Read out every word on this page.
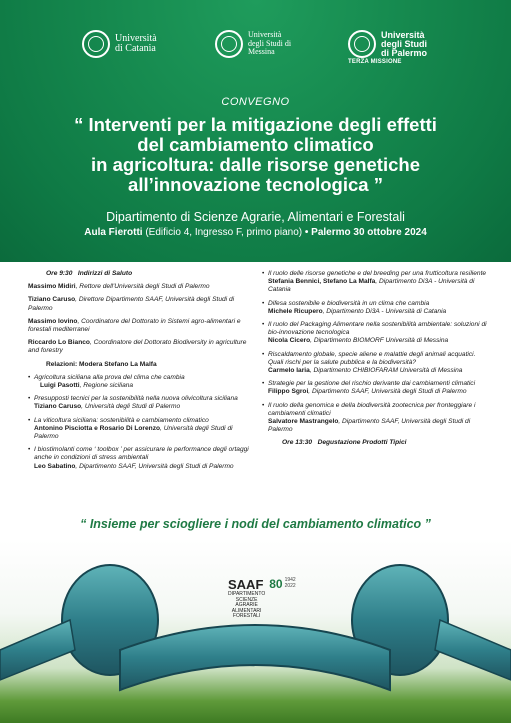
Università
di Catania
Università
degli Studi di
Messina
Università
degli Studi
di Palermo
TERZA MISSIONE
CONVEGNO
“ Interventi per la mitigazione degli effetti
del cambiamento climatico
in agricoltura: dalle risorse genetiche
all’innovazione tecnologica ”
Dipartimento di Scienze Agrarie, Alimentari e Forestali
Aula Fierotti (Edificio 4, Ingresso F, primo piano) • Palermo 30 ottobre 2024
Ore 9:30 Indirizzi di Saluto
Massimo Midiri, Rettore dell'Università degli Studi di Palermo
Tiziano Caruso, Direttore Dipartimento SAAF, Università degli Studi di Palermo
Massimo Iovino, Coordinatore del Dottorato in Sistemi agro-alimentari e forestali mediterranei
Riccardo Lo Bianco, Coordinatore del Dottorato Biodiversity in agriculture and forestry
Relazioni: Modera Stefano La Malfa
• Agricoltura siciliana alla prova del clima che cambia
Luigi Pasotti, Regione siciliana
• Presupposti tecnici per la sostenibilità nella nuova olivicoltura siciliana
Tiziano Caruso, Università degli Studi di Palermo
• La viticoltura siciliana: sostenibilità e cambiamento climatico
Antonino Pisciotta e Rosario Di Lorenzo, Università degli Studi di Palermo
• I biostimolanti come ‘ toolbox ’ per assicurare le performance degli ortaggi anche in condizioni di stress ambientali
Leo Sabatino, Dipartimento SAAF, Università degli Studi di Palermo
• Il ruolo delle risorse genetiche e del breeding per una frutticoltura resiliente
Stefania Bennici, Stefano La Malfa, Dipartimento Di3A - Università di Catania
• Difesa sostenibile e biodiversità in un clima che cambia
Michele Ricupero, Dipartimento Di3A - Università di Catania
• Il ruolo del Packaging Alimentare nella sostenibilità ambientale: soluzioni di bio-innovazione tecnologica
Nicola Cicero, Dipartimento BIOMORF Università di Messina
• Riscaldamento globale, specie aliene e malattie degli animali acquatici. Quali rischi per la salute pubblica e la biodiversità?
Carmelo Iaria, Dipartimento CHIBIOFARAM Università di Messina
• Strategie per la gestione del rischio derivante dai cambiamenti climatici
Filippo Sgroi, Dipartimento SAAF, Università degli Studi di Palermo
• Il ruolo della genomica e della biodiversità zootecnica per fronteggiare i cambiamenti climatici
Salvatore Mastrangelo, Dipartimento SAAF, Università degli Studi di Palermo
Ore 13:30 Degustazione Prodotti Tipici
“ Insieme per sciogliere i nodi del cambiamento climatico ”
SAAF
DIPARTIMENTO
SCIENZE
AGRARIE
ALIMENTARI
FORESTALI
80 1942
2022
